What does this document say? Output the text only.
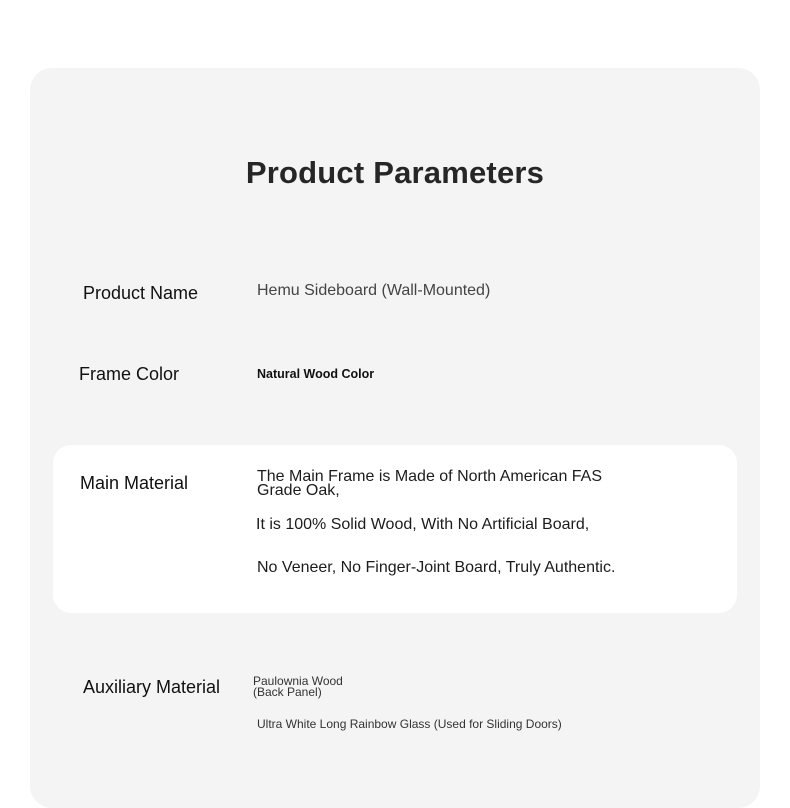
Product Parameters
Product Name	Hemu Sideboard (Wall-Mounted)
Frame Color	Natural Wood Color
Main Material	The Main Frame is Made of North American FAS
Grade Oak,
It is 100% Solid Wood, With No Artificial Board,
No Veneer, No Finger-Joint Board, Truly Authentic.
Auxiliary Material	Paulownia Wood
(Back Panel)
Ultra White Long Rainbow Glass (Used for Sliding Doors)
